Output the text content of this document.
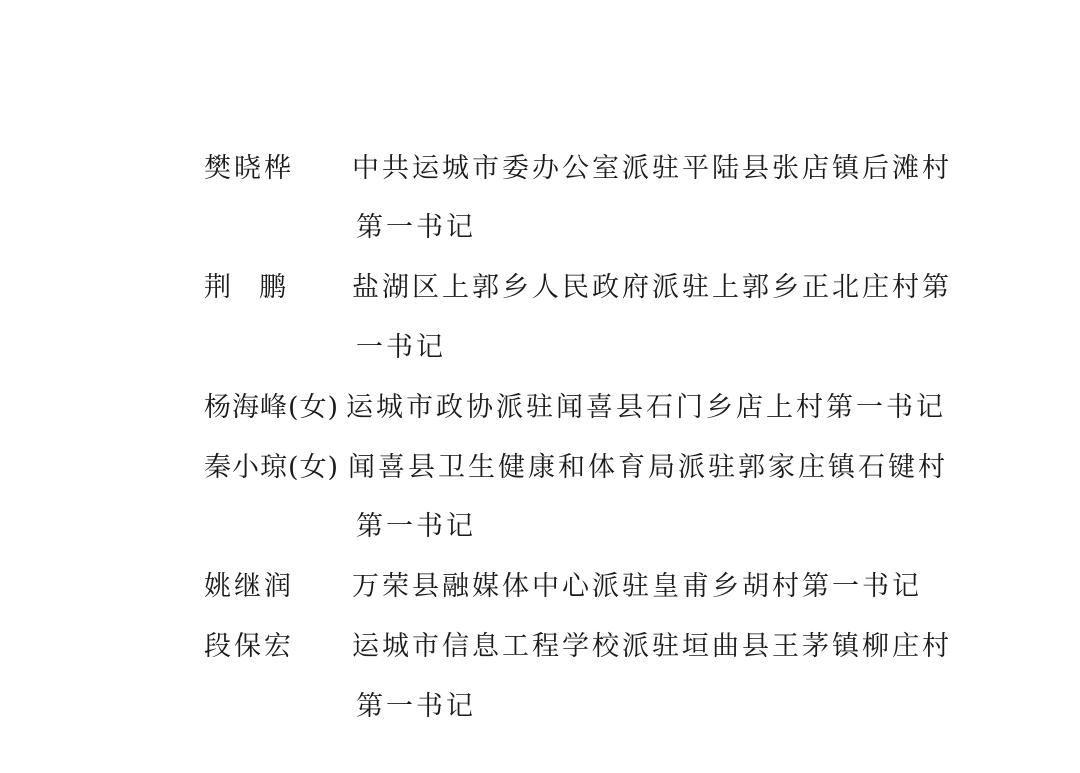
樊晓桦 中共运城市委办公室派驻平陆县张店镇后滩村
第一书记
荆 鹏 盐湖区上郭乡人民政府派驻上郭乡正北庄村第
一书记
杨海峰(女) 运城市政协派驻闻喜县石门乡店上村第一书记
秦小琼(女) 闻喜县卫生健康和体育局派驻郭家庄镇石键村
第一书记
姚继润 万荣县融媒体中心派驻皇甫乡胡村第一书记
段保宏 运城市信息工程学校派驻垣曲县王茅镇柳庄村
第一书记
